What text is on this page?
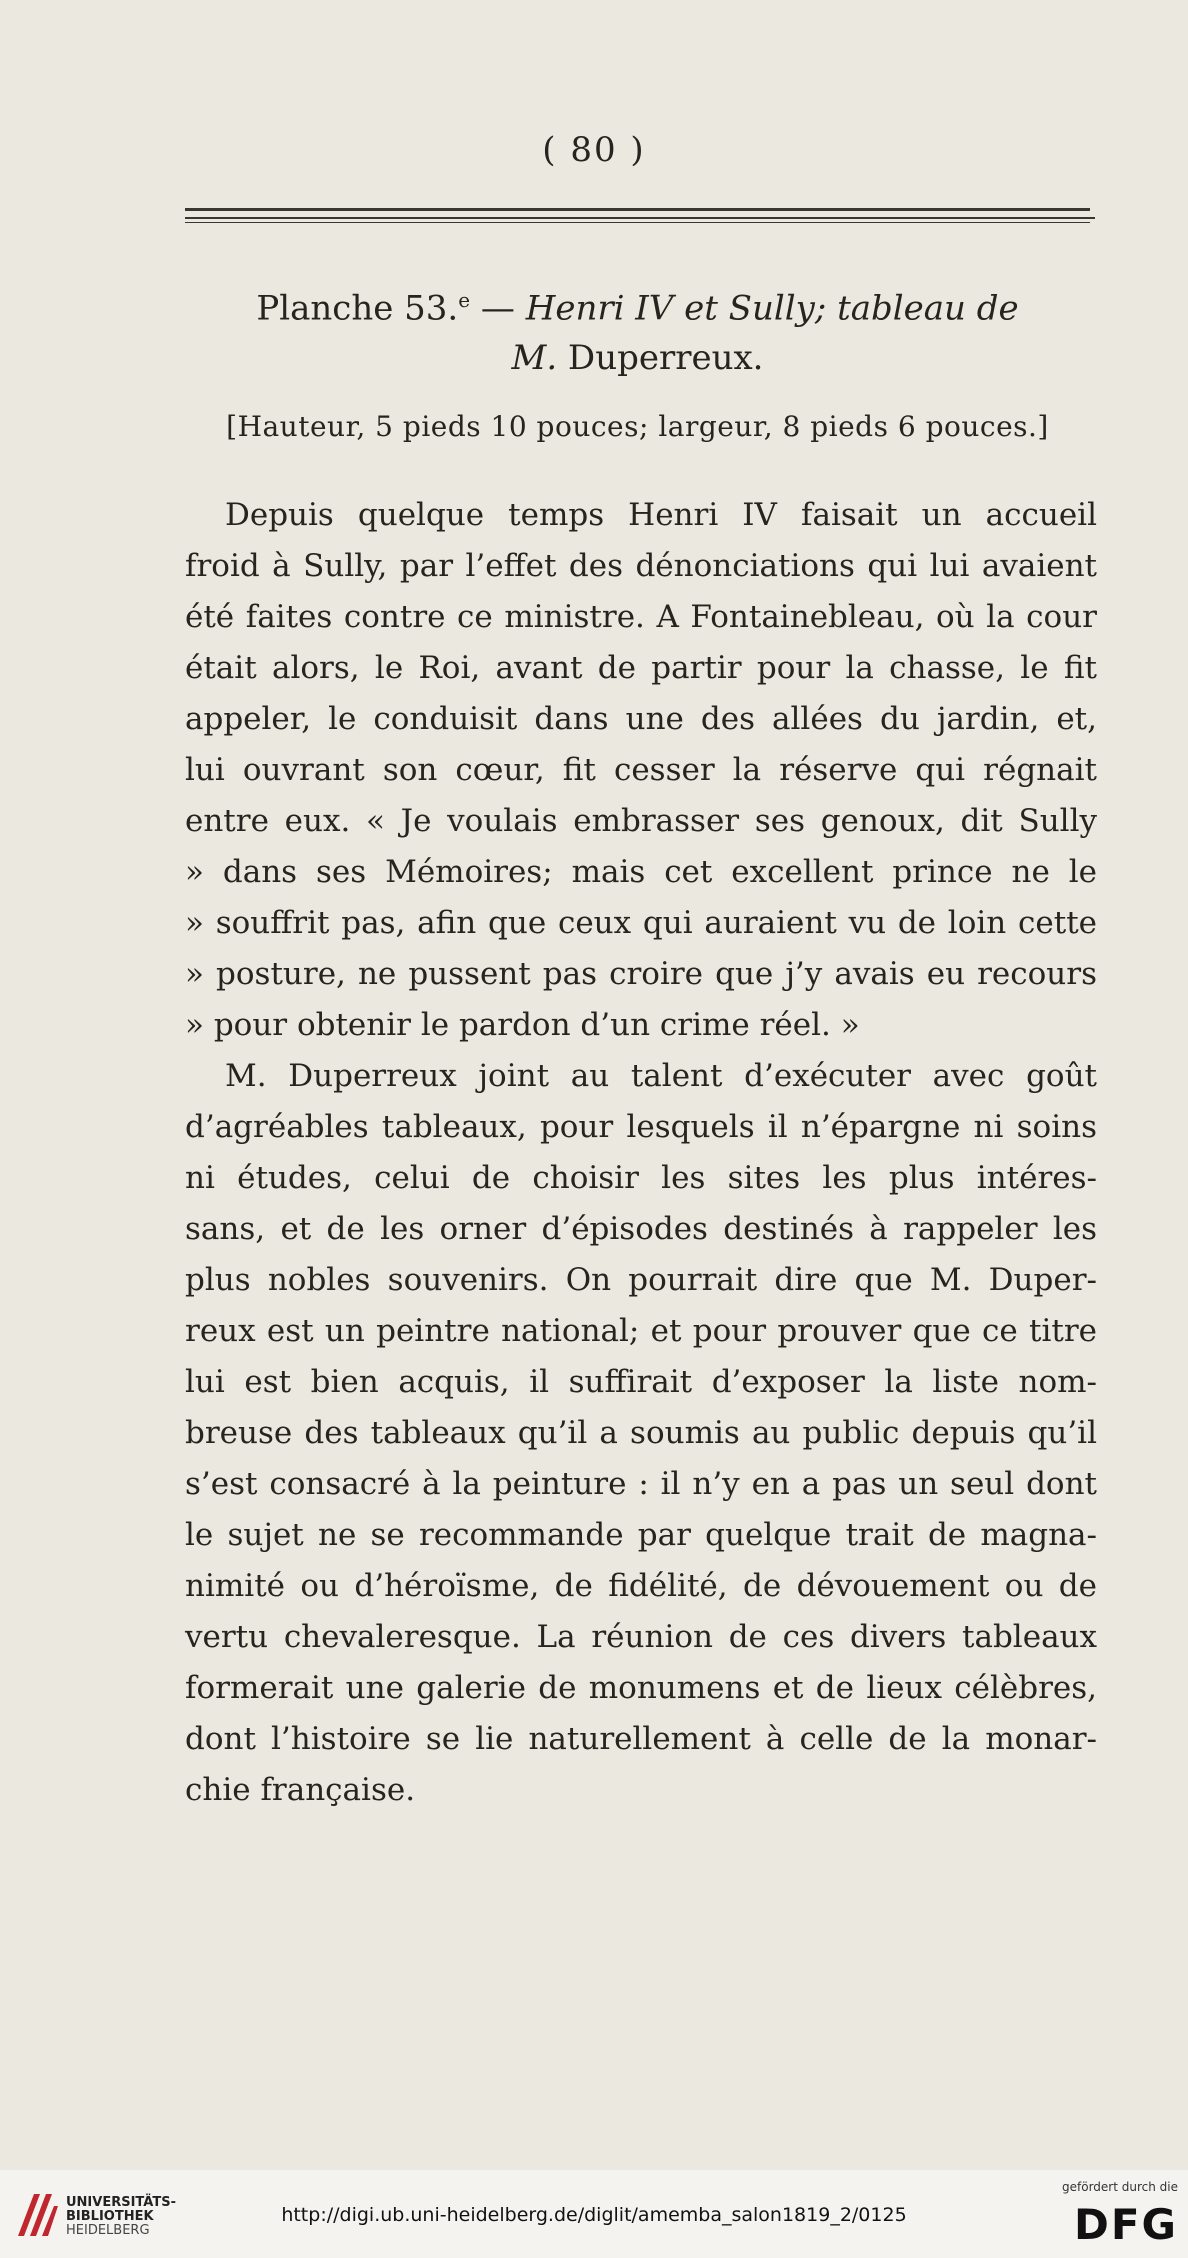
( 80 )
Planche 53.$^e$ — Henri IV et Sully; tableau de
M. Duperreux.
[Hauteur, 5 pieds 10 pouces; largeur, 8 pieds 6 pouces.]

Depuis quelque temps Henri IV faisait un accueil
froid à Sully, par l’effet des dénonciations qui lui avaient
été faites contre ce ministre. A Fontainebleau, où la cour
était alors, le Roi, avant de partir pour la chasse, le fit
appeler, le conduisit dans une des allées du jardin, et,
lui ouvrant son cœur, fit cesser la réserve qui régnait
entre eux. « Je voulais embrasser ses genoux, dit Sully
» dans ses Mémoires; mais cet excellent prince ne le
» souffrit pas, afin que ceux qui auraient vu de loin cette
» posture, ne pussent pas croire que j’y avais eu recours
» pour obtenir le pardon d’un crime réel. »

M. Duperreux joint au talent d’exécuter avec goût
d’agréables tableaux, pour lesquels il n’épargne ni soins
ni études, celui de choisir les sites les plus intéres-
sans, et de les orner d’épisodes destinés à rappeler les
plus nobles souvenirs. On pourrait dire que M. Duper-
reux est un peintre national; et pour prouver que ce titre
lui est bien acquis, il suffirait d’exposer la liste nom-
breuse des tableaux qu’il a soumis au public depuis qu’il
s’est consacré à la peinture : il n’y en a pas un seul dont
le sujet ne se recommande par quelque trait de magna-
nimité ou d’héroïsme, de fidélité, de dévouement ou de
vertu chevaleresque. La réunion de ces divers tableaux
formerait une galerie de monumens et de lieux célèbres,
dont l’histoire se lie naturellement à celle de la monar-
chie française.

UNIVERSITÄTS-
BIBLIOTHEK
HEIDELBERG
http://digi.ub.uni-heidelberg.de/diglit/amemba_salon1819_2/0125
gefördert durch die
DFG
